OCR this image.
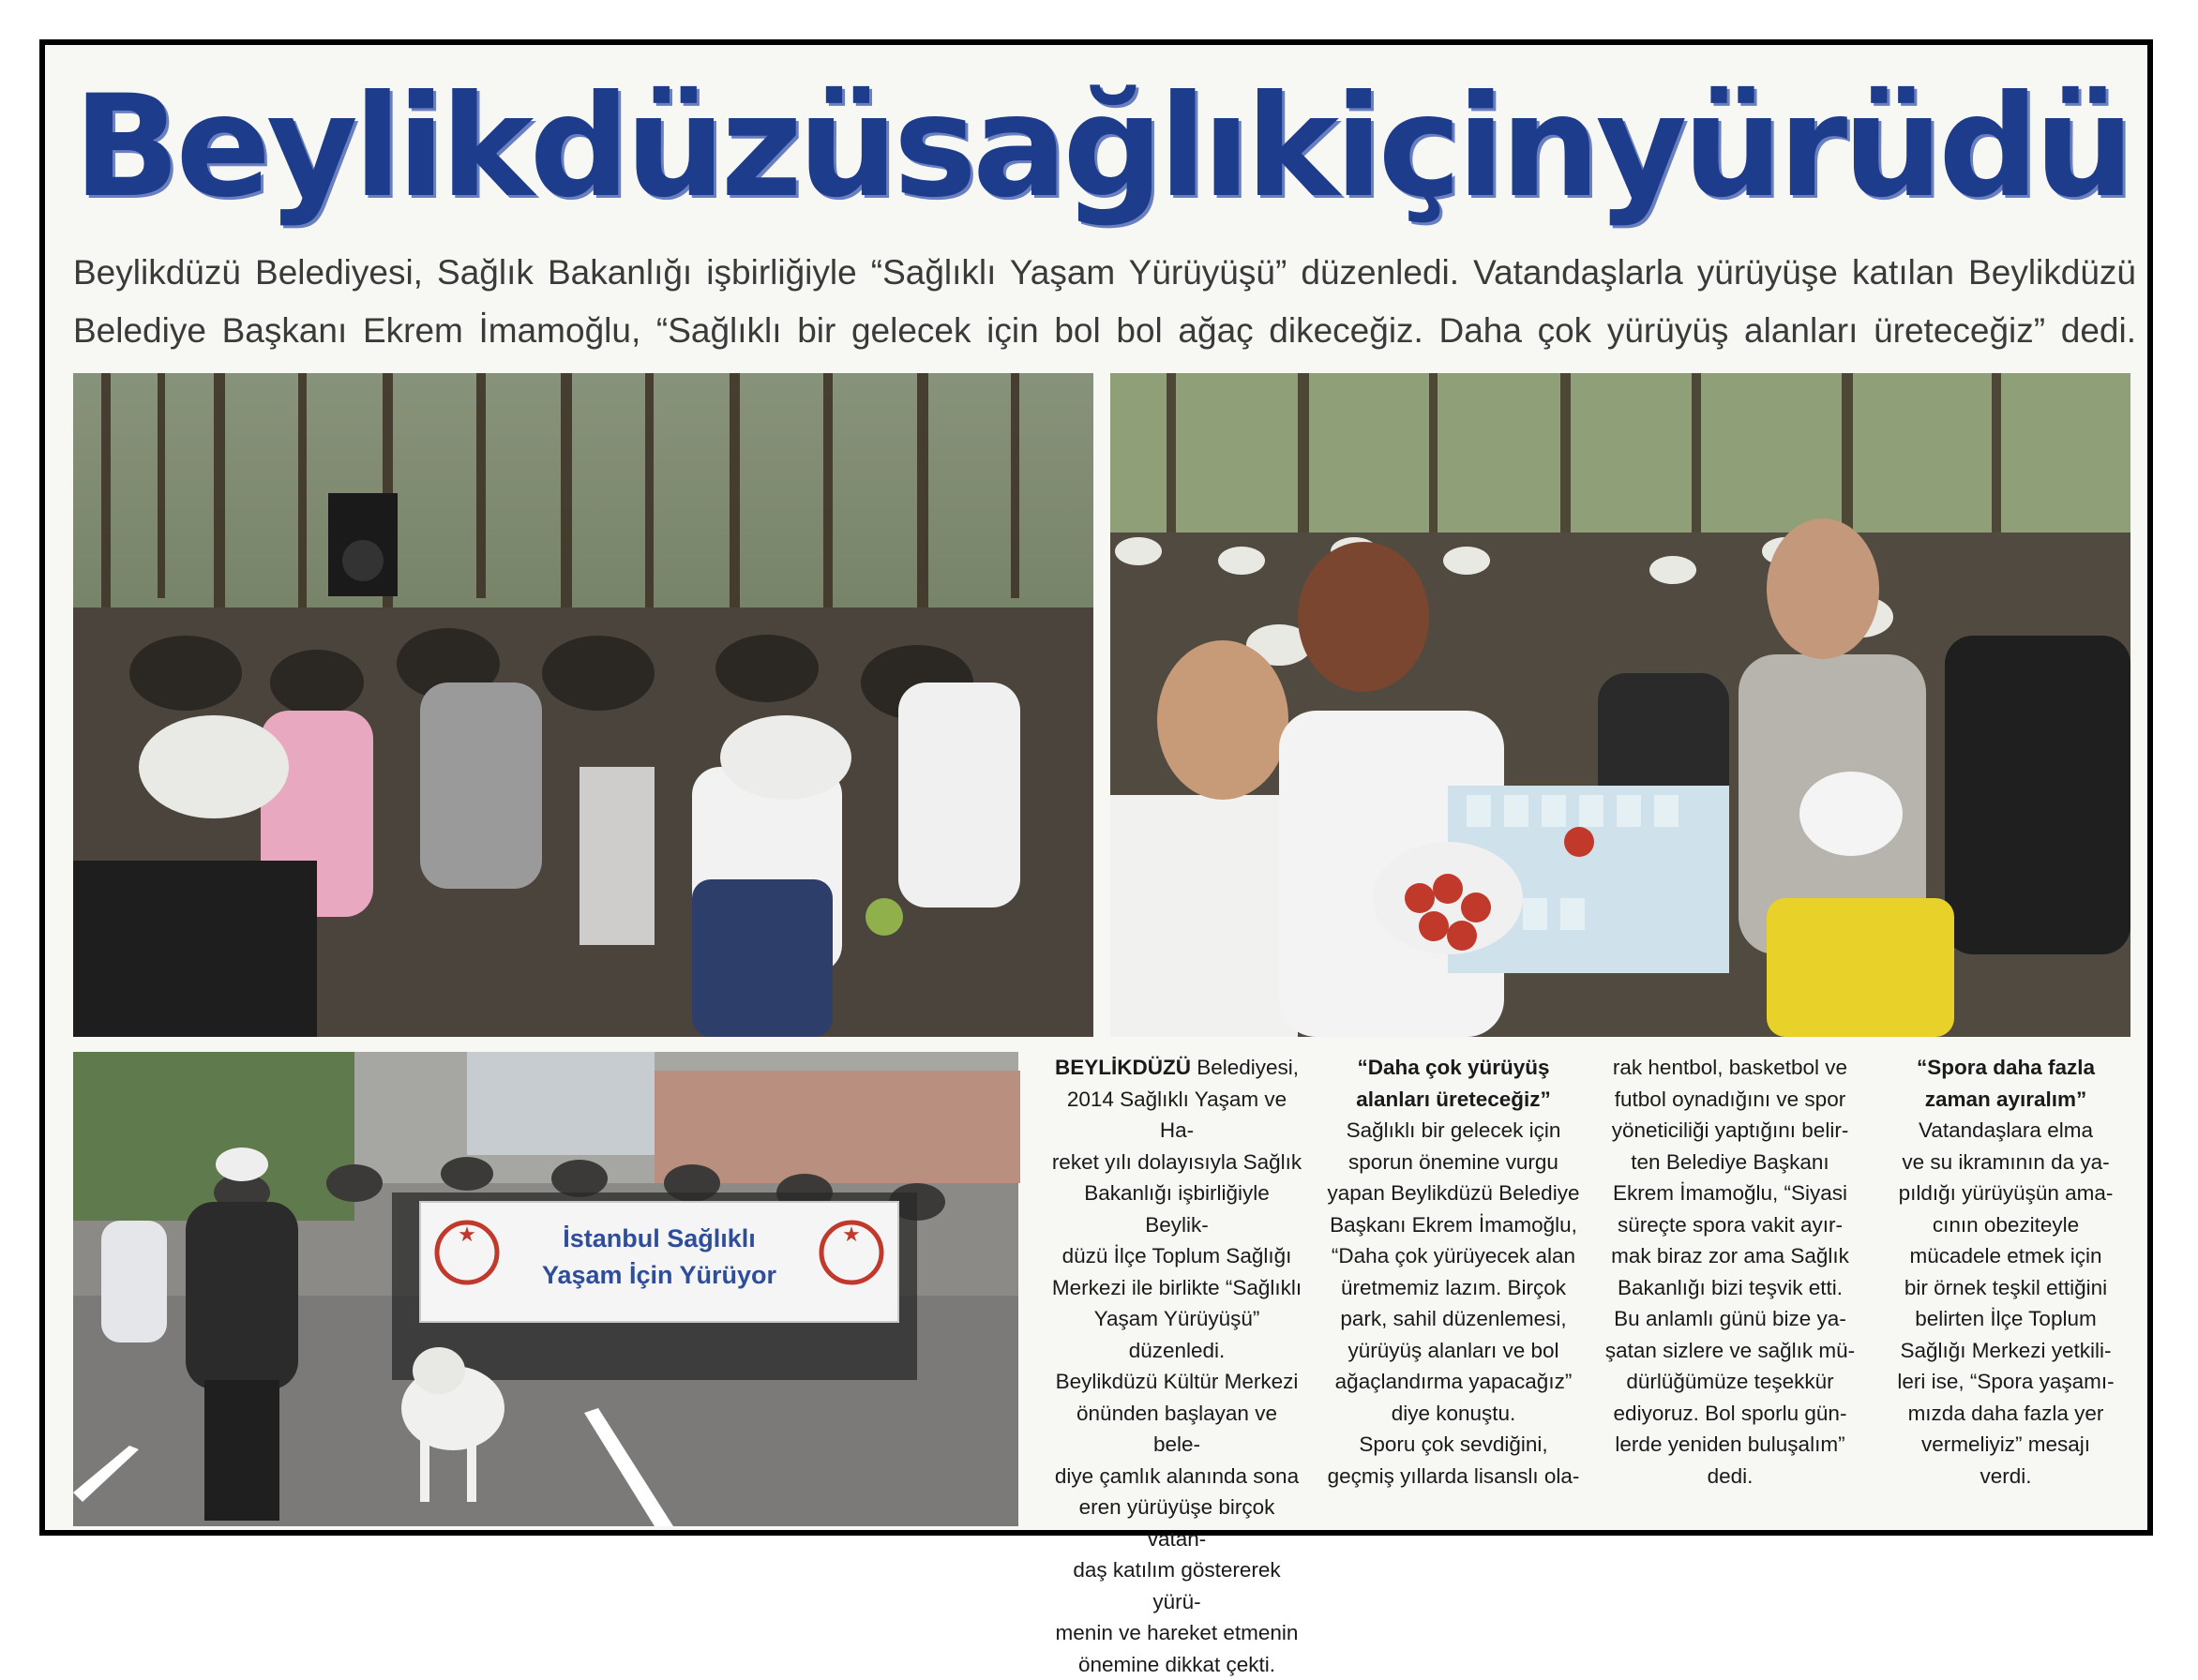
Beylikdüzü sağlık için yürüdü

Beylikdüzü Belediyesi, Sağlık Bakanlığı işbirliğiyle “Sağlıklı Yaşam Yürüyüşü” düzenledi. Vatandaşlarla yürüyüşe katılan Beylikdüzü
Belediye Başkanı Ekrem İmamoğlu, “Sağlıklı bir gelecek için bol bol ağaç dikeceğiz. Daha çok yürüyüş alanları üreteceğiz” dedi.

★	★
İstanbul Sağlıklı
Yaşam İçin Yürüyor

BEYLİKDÜZÜ Belediyesi,

2014 Sağlıklı Yaşam ve Ha-

reket yılı dolayısıyla Sağlık

Bakanlığı işbirliğiyle Beylik-

düzü İlçe Toplum Sağlığı

Merkezi ile birlikte “Sağlıklı

Yaşam Yürüyüşü” düzenledi.

Beylikdüzü Kültür Merkezi

önünden başlayan ve bele-

diye çamlık alanında sona

eren yürüyüşe birçok vatan-

daş katılım göstererek yürü-

menin ve hareket etmenin

önemine dikkat çekti.

“Daha çok yürüyüş
alanları üreteceğiz”

Sağlıklı bir gelecek için

sporun önemine vurgu

yapan Beylikdüzü Belediye

Başkanı Ekrem İmamoğlu,

“Daha çok yürüyecek alan

üretmemiz lazım. Birçok

park, sahil düzenlemesi,

yürüyüş alanları ve bol

ağaçlandırma yapacağız”

diye konuştu.

Sporu çok sevdiğini,

geçmiş yıllarda lisanslı ola-

rak hentbol, basketbol ve

futbol oynadığını ve spor

yöneticiliği yaptığını belir-

ten Belediye Başkanı

Ekrem İmamoğlu, “Siyasi

süreçte spora vakit ayır-

mak biraz zor ama Sağlık

Bakanlığı bizi teşvik etti.

Bu anlamlı günü bize ya-

şatan sizlere ve sağlık mü-

dürlüğümüze teşekkür

ediyoruz. Bol sporlu gün-

lerde yeniden buluşalım”

dedi.

“Spora daha fazla
zaman ayıralım”

Vatandaşlara elma

ve su ikramının da ya-

pıldığı yürüyüşün ama-

cının obeziteyle

mücadele etmek için

bir örnek teşkil ettiğini

belirten İlçe Toplum

Sağlığı Merkezi yetkili-

leri ise, “Spora yaşamı-

mızda daha fazla yer

vermeliyiz” mesajı

verdi.
